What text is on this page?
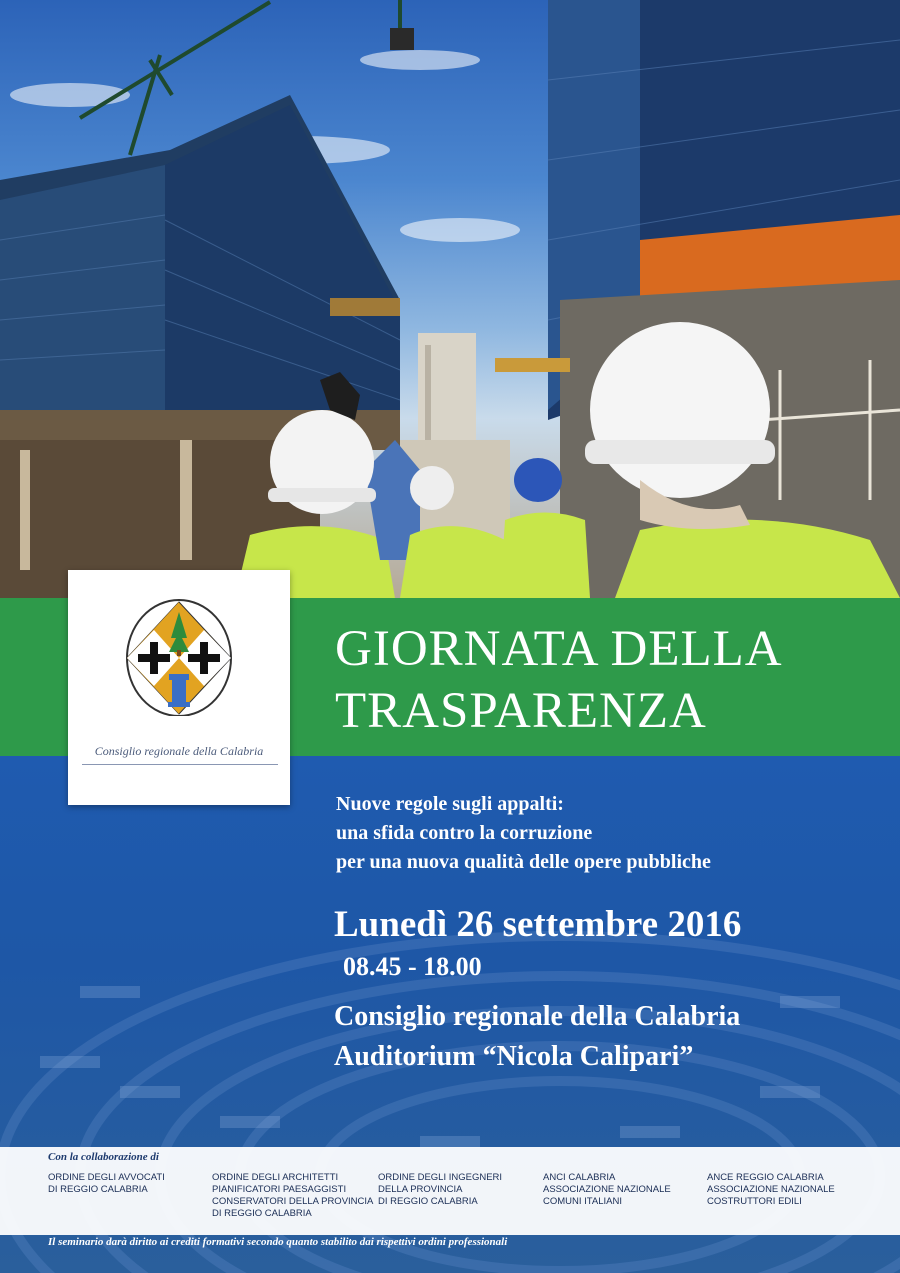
GIORNATA DELLA
TRASPARENZA
Consiglio regionale della Calabria
Nuove regole sugli appalti:
una sfida contro la corruzione
per una nuova qualità delle opere pubbliche

Lunedì 26 settembre 2016

08.45 - 18.00

Consiglio regionale della Calabria
Auditorium “Nicola Calipari”

Con la collaborazione di

ORDINE DEGLI AVVOCATI
DI REGGIO CALABRIA
ORDINE DEGLI ARCHITETTI
PIANIFICATORI PAESAGGISTI
CONSERVATORI DELLA PROVINCIA
DI REGGIO CALABRIA
ORDINE DEGLI INGEGNERI
DELLA PROVINCIA
DI REGGIO CALABRIA
ANCI CALABRIA
ASSOCIAZIONE NAZIONALE
COMUNI ITALIANI
ANCE REGGIO CALABRIA
ASSOCIAZIONE NAZIONALE
COSTRUTTORI EDILI

Il seminario darà diritto ai crediti formativi secondo quanto stabilito dai rispettivi ordini professionali
